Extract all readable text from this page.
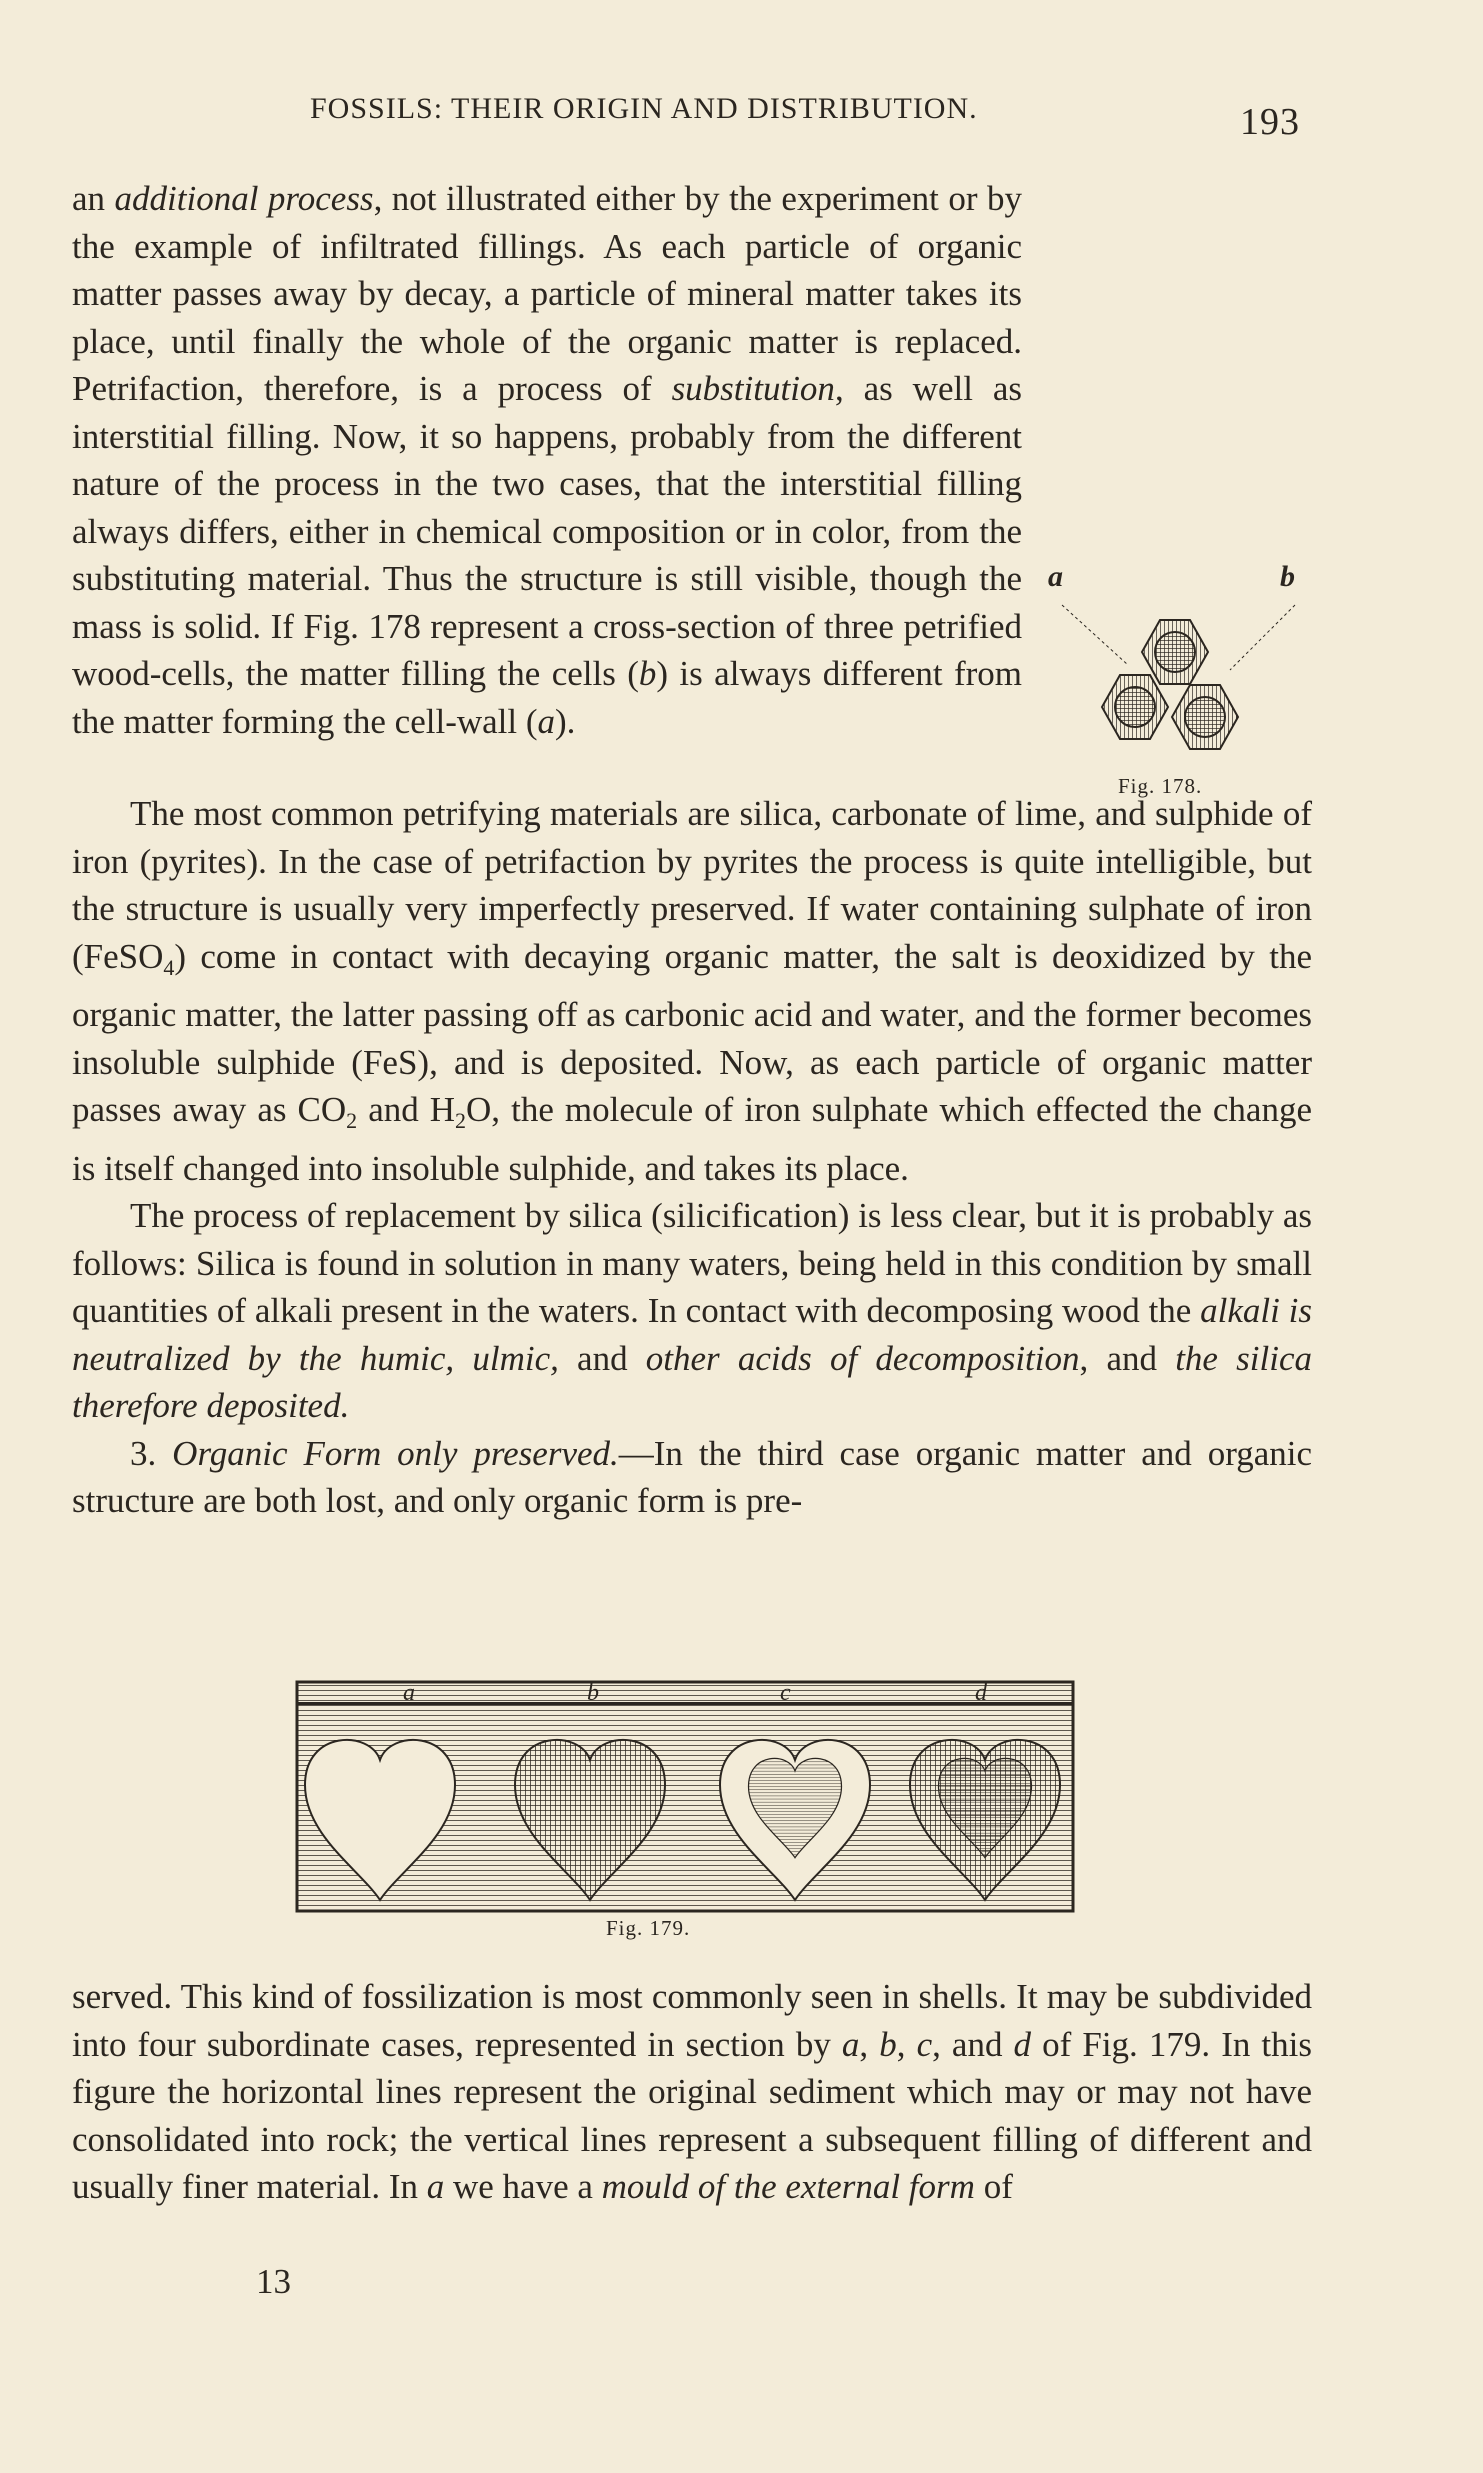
FOSSILS: THEIR ORIGIN AND DISTRIBUTION.	193

an additional process, not illustrated either by the experiment or by the example of infiltrated fillings. As each particle of organic matter passes away by decay, a particle of mineral matter takes its place, until finally the whole of the organic matter is replaced. Petrifaction, therefore, is a process of substitution, as well as interstitial filling. Now, it so happens, probably from the different nature of the process in the two cases, that the interstitial filling always differs, either in chemical composition or in color, from the substituting material. Thus the structure is still visible, though the mass is solid. If Fig. 178 represent a cross-section of three petrified wood-cells, the matter filling the cells (b) is always different from the matter forming the cell-wall (a).

a	b
Fig. 178.

The most common petrifying materials are silica, carbonate of lime, and sulphide of iron (pyrites). In the case of petrifaction by pyrites the process is quite intelligible, but the structure is usually very imperfectly preserved. If water containing sulphate of iron (FeSO$_4$) come in contact with decaying organic matter, the salt is deoxidized by the organic matter, the latter passing off as carbonic acid and water, and the former becomes insoluble sulphide (FeS), and is deposited. Now, as each particle of organic matter passes away as $CO_2$ and $H_2O$, the molecule of iron sulphate which effected the change is itself changed into insoluble sulphide, and takes its place.

The process of replacement by silica (silicification) is less clear, but it is probably as follows: Silica is found in solution in many waters, being held in this condition by small quantities of alkali present in the waters. In contact with decomposing wood the alkali is neutralized by the humic, ulmic, and other acids of decomposition, and the silica therefore deposited.

3. Organic Form only preserved.—In the third case organic matter and organic structure are both lost, and only organic form is pre-

a	b	c	d
Fig. 179.

served. This kind of fossilization is most commonly seen in shells. It may be subdivided into four subordinate cases, represented in section by a, b, c, and d of Fig. 179. In this figure the horizontal lines represent the original sediment which may or may not have consolidated into rock; the vertical lines represent a subsequent filling of different and usually finer material. In a we have a mould of the external form of

13
